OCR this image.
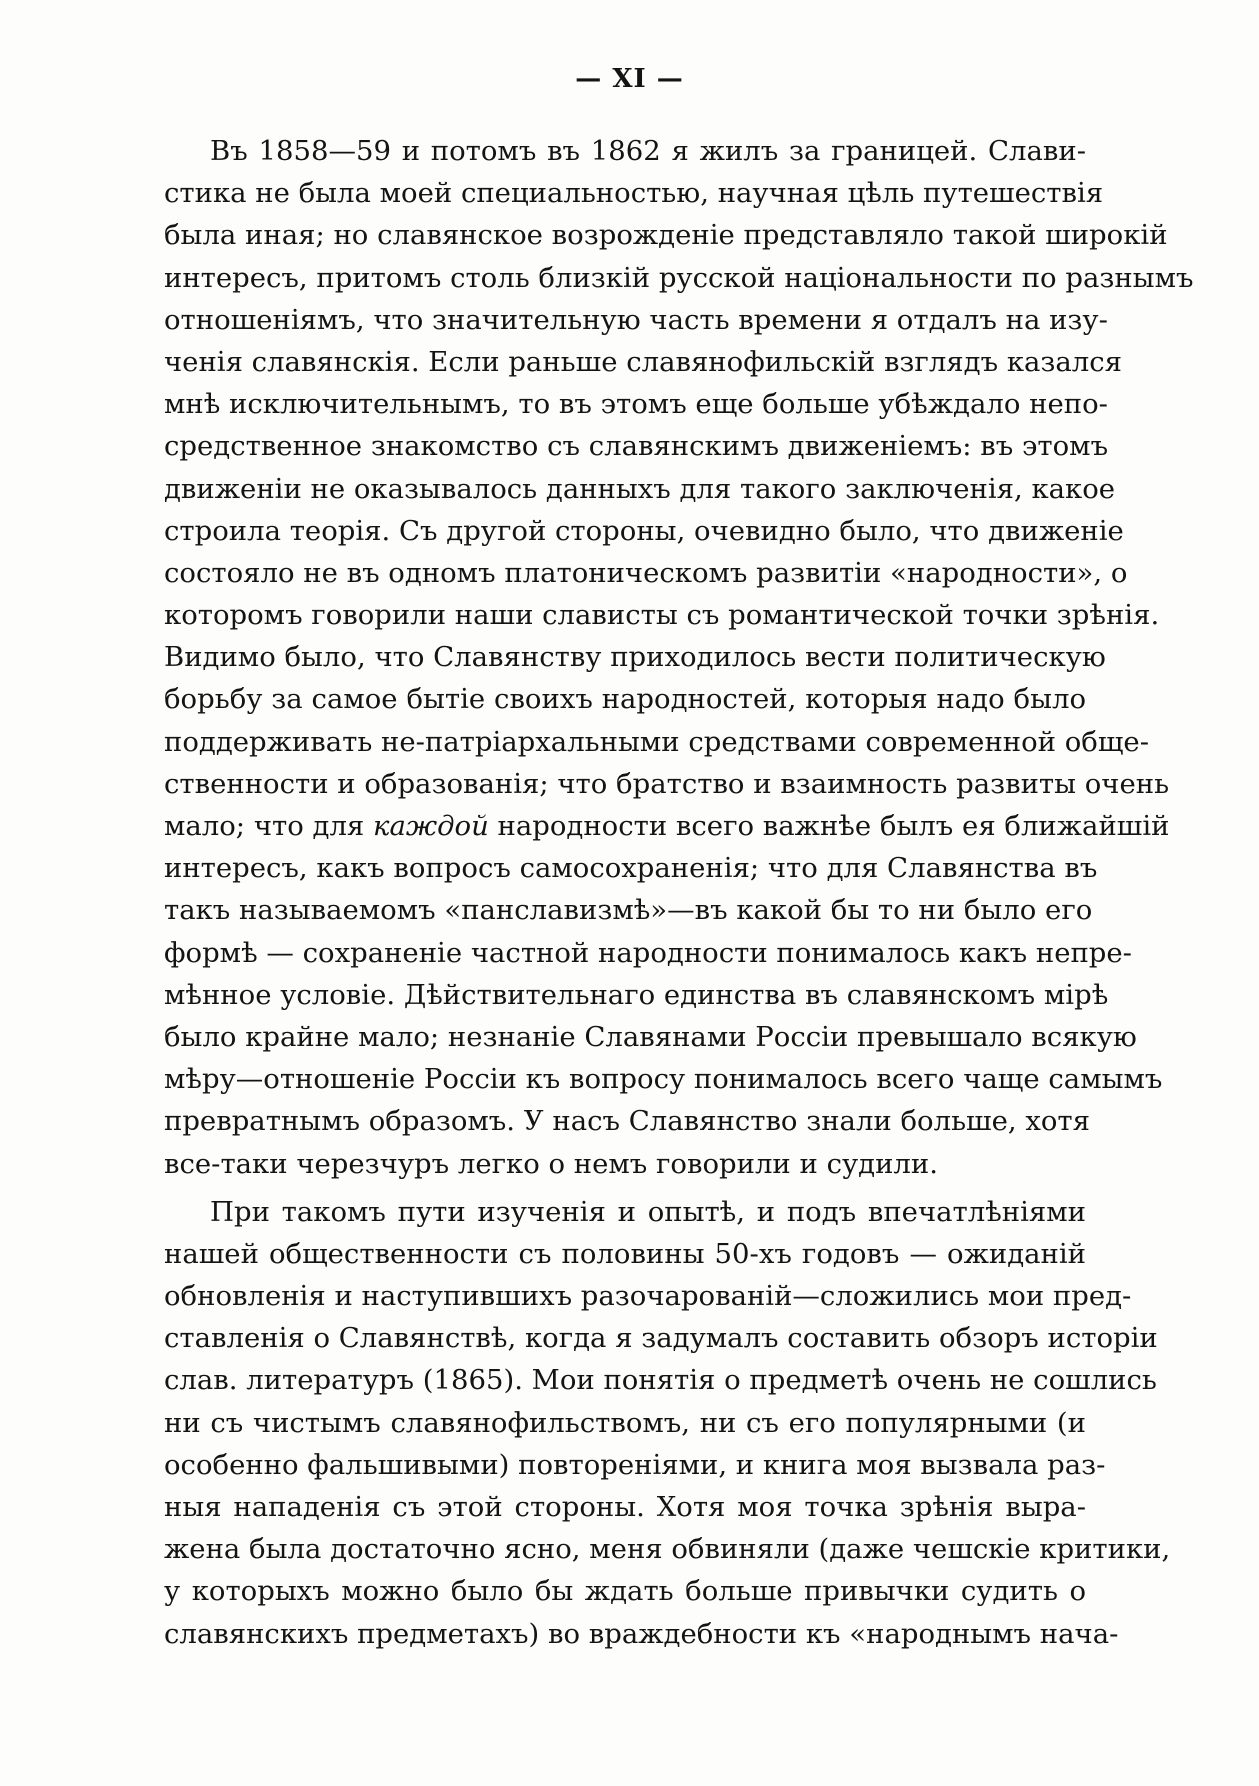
— XI —
Въ 1858—59 и потомъ въ 1862 я жилъ за границей. Слави-
стика не была моей специальностью, научная цѣль путешествія
была иная; но славянское возрожденіе представляло такой широкій
интересъ, притомъ столь близкій русской національности по разнымъ
отношеніямъ, что значительную часть времени я отдалъ на изу-
ченія славянскія. Если раньше славянофильскій взглядъ казался
мнѣ исключительнымъ, то въ этомъ еще больше убѣждало непо-
средственное знакомство съ славянскимъ движеніемъ: въ этомъ
движеніи не оказывалось данныхъ для такого заключенія, какое
строила теорія. Съ другой стороны, очевидно было, что движеніе
состояло не въ одномъ платоническомъ развитіи «народности», о
которомъ говорили наши слависты съ романтической точки зрѣнія.
Видимо было, что Славянству приходилось вести политическую
борьбу за самое бытіе своихъ народностей, которыя надо было
поддерживать не-патріархальными средствами современной обще-
ственности и образованія; что братство и взаимность развиты очень
мало; что для каждой народности всего важнѣе былъ ея ближайшій
интересъ, какъ вопросъ самосохраненія; что для Славянства въ
такъ называемомъ «панславизмѣ»—въ какой бы то ни было его
формѣ — сохраненіе частной народности понималось какъ непре-
мѣнное условіе. Дѣйствительнаго единства въ славянскомъ мірѣ
было крайне мало; незнаніе Славянами Россіи превышало всякую
мѣру—отношеніе Россіи къ вопросу понималось всего чаще самымъ
превратнымъ образомъ. У насъ Славянство знали больше, хотя
все-таки черезчуръ легко о немъ говорили и судили.
При такомъ пути изученія и опытѣ, и подъ впечатлѣніями
нашей общественности съ половины 50-хъ годовъ — ожиданій
обновленія и наступившихъ разочарованій—сложились мои пред-
ставленія о Славянствѣ, когда я задумалъ составить обзоръ исторіи
слав. литературъ (1865). Мои понятія о предметѣ очень не сошлись
ни съ чистымъ славянофильствомъ, ни съ его популярными (и
особенно фальшивыми) повтореніями, и книга моя вызвала раз-
ныя нападенія съ этой стороны. Хотя моя точка зрѣнія выра-
жена была достаточно ясно, меня обвиняли (даже чешскіе критики,
у которыхъ можно было бы ждать больше привычки судить о
славянскихъ предметахъ) во враждебности къ «народнымъ нача-
